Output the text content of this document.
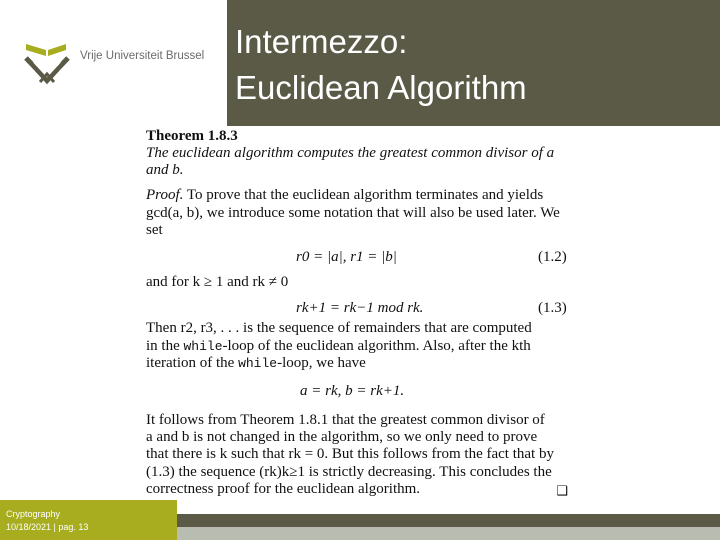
Vrije Universiteit Brussel Intermezzo:
Euclidean Algorithm
Theorem 1.8.3
The euclidean algorithm computes the greatest common divisor of a
and b.
Proof. To prove that the euclidean algorithm terminates and yields
gcd(a, b), we introduce some notation that will also be used later. We
set
r0 = |a|, r1 = |b|	(1.2)
and for k ≥ 1 and rk ≠ 0
rk+1 = rk−1 mod rk.	(1.3)
Then r2, r3, . . . is the sequence of remainders that are computed
in the while-loop of the euclidean algorithm. Also, after the kth
iteration of the while-loop, we have
a = rk, b = rk+1.
It follows from Theorem 1.8.1 that the greatest common divisor of
a and b is not changed in the algorithm, so we only need to prove
that there is k such that rk = 0. But this follows from the fact that by
(1.3) the sequence (rk)k≥1 is strictly decreasing. This concludes the
correctness proof for the euclidean algorithm.	❑
Cryptography
10/18/2021 | pag. 13
